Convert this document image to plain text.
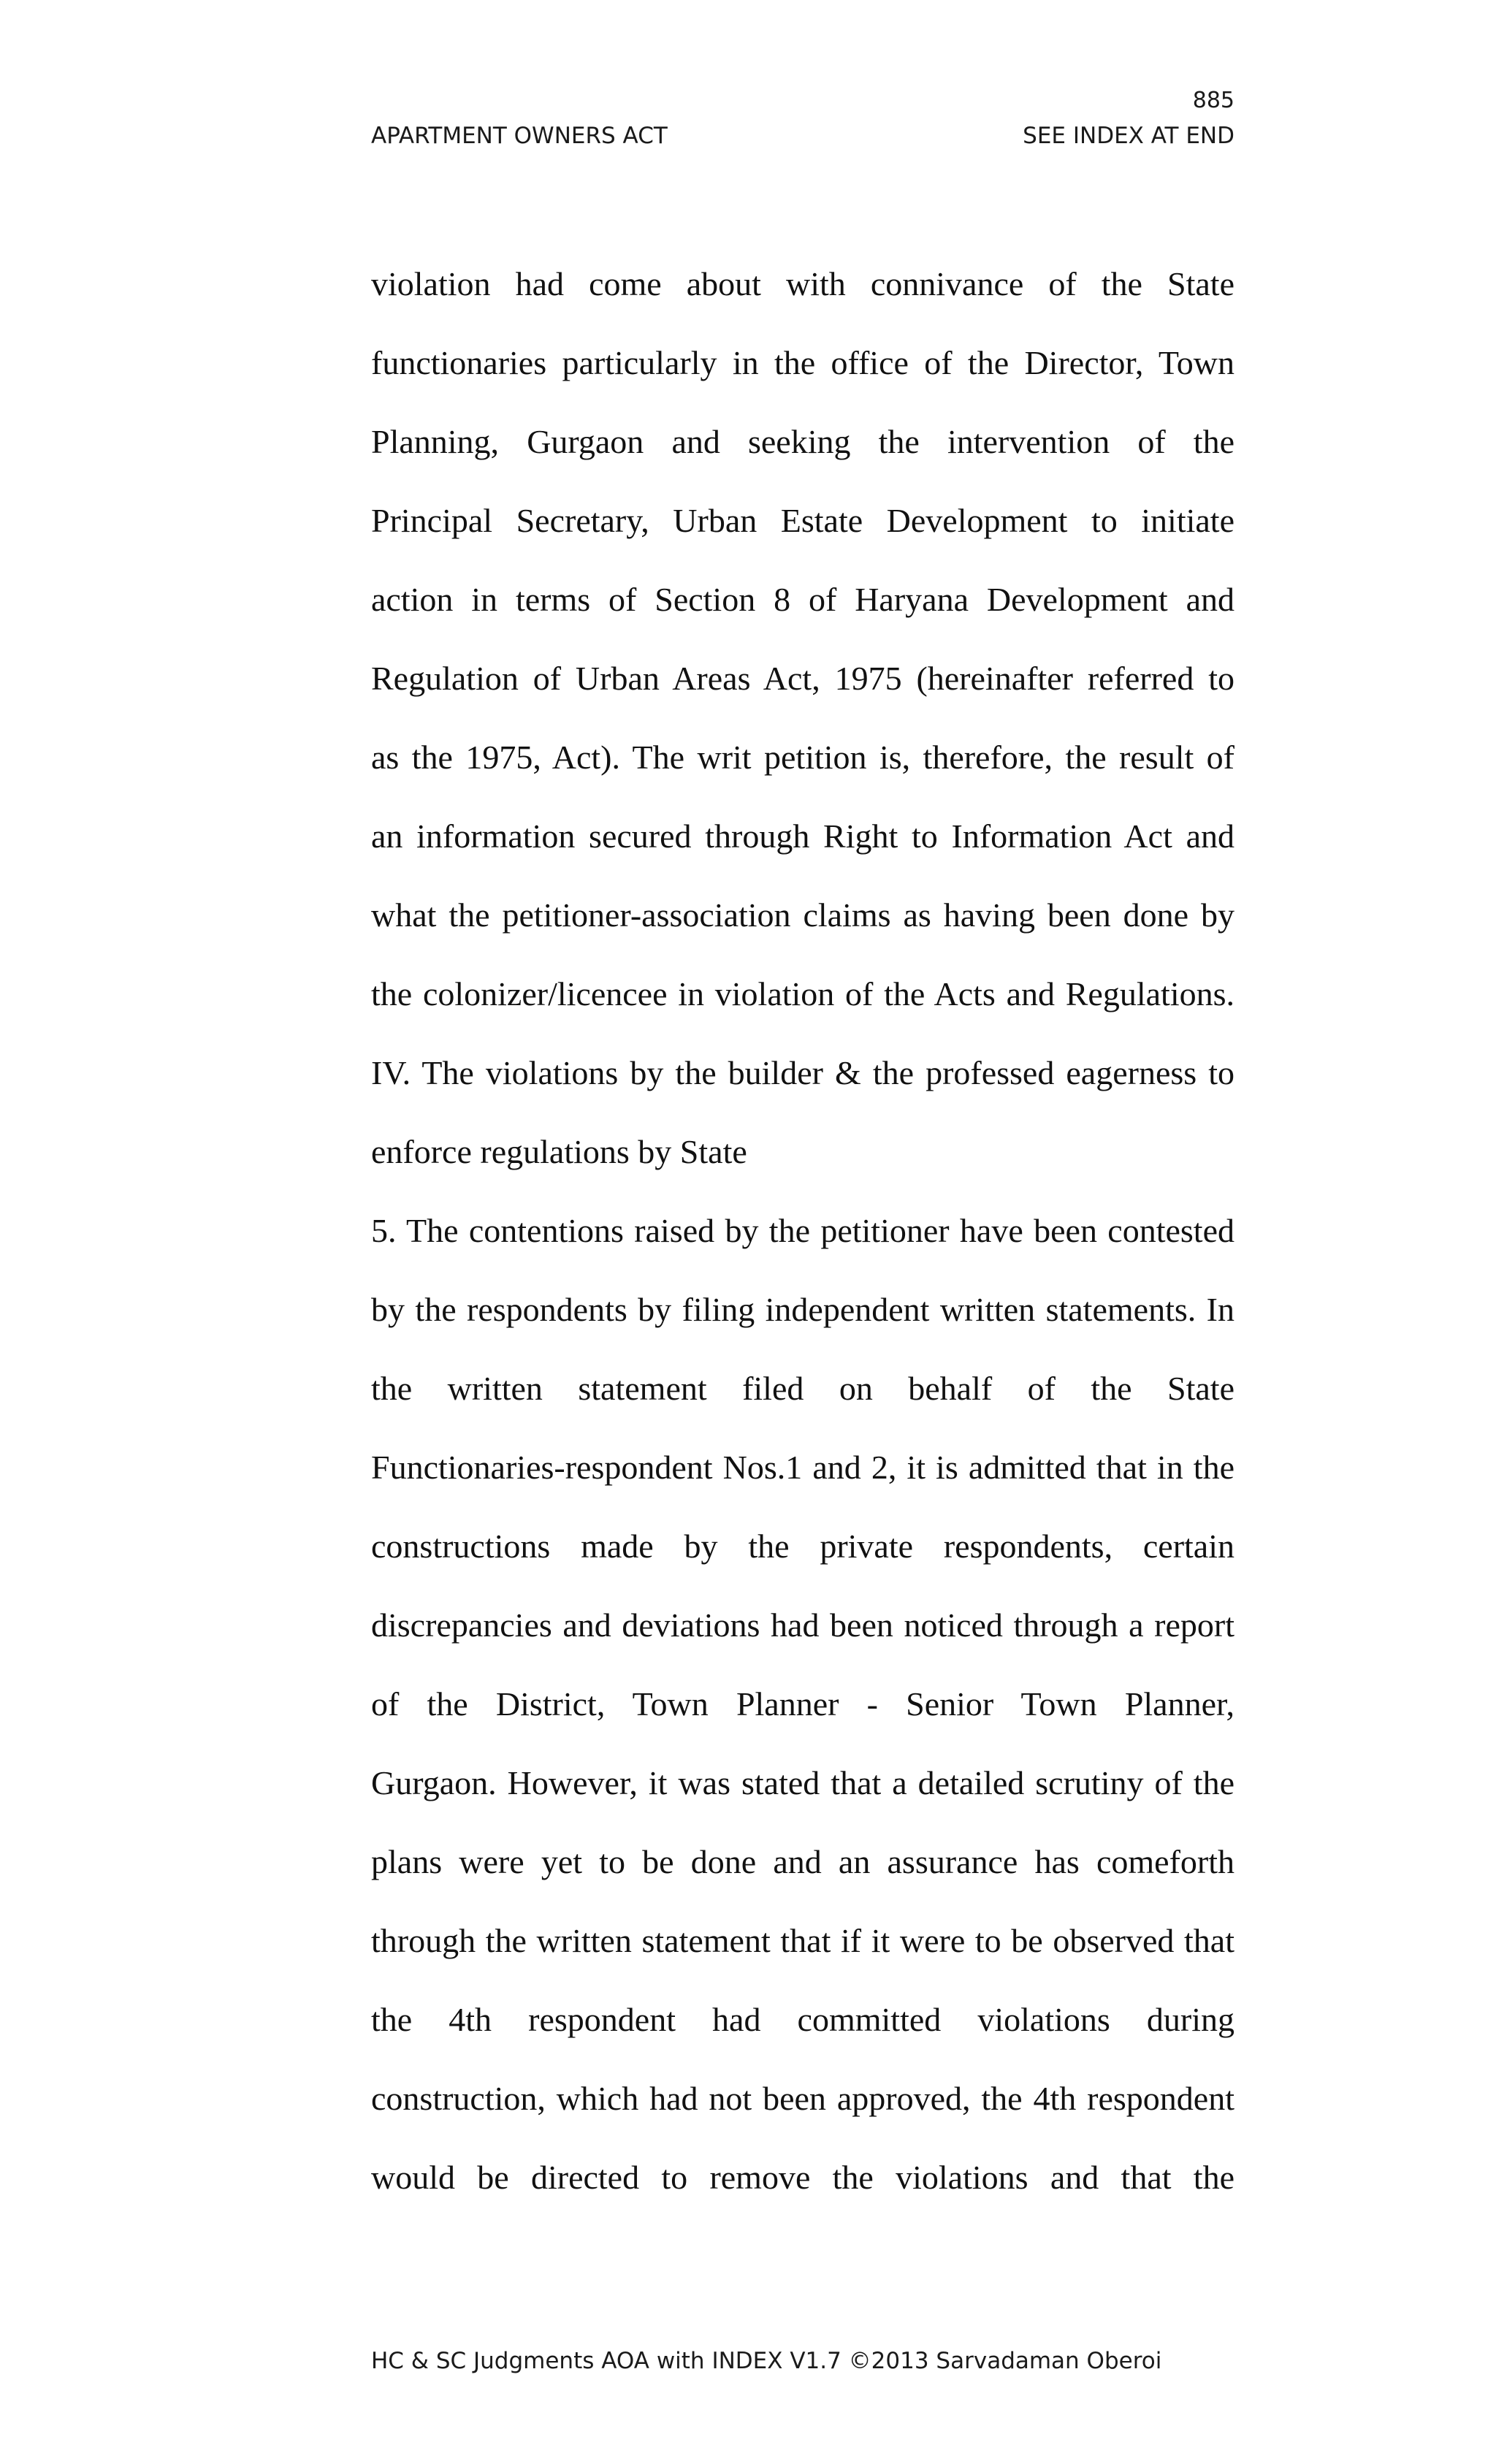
885
APARTMENT OWNERS ACT	SEE INDEX AT END
violation had come about with connivance of the State
functionaries particularly in the office of the Director, Town
Planning, Gurgaon and seeking the intervention of the
Principal Secretary, Urban Estate Development to initiate
action in terms of Section 8 of Haryana Development and
Regulation of Urban Areas Act, 1975 (hereinafter referred to
as the 1975, Act). The writ petition is, therefore, the result of
an information secured through Right to Information Act and
what the petitioner-association claims as having been done by
the colonizer/licencee in violation of the Acts and Regulations.
IV. The violations by the builder & the professed eagerness to
enforce regulations by State
5. The contentions raised by the petitioner have been contested
by the respondents by filing independent written statements. In
the written statement filed on behalf of the State
Functionaries-respondent Nos.1 and 2, it is admitted that in the
constructions made by the private respondents, certain
discrepancies and deviations had been noticed through a report
of the District, Town Planner - Senior Town Planner,
Gurgaon. However, it was stated that a detailed scrutiny of the
plans were yet to be done and an assurance has comeforth
through the written statement that if it were to be observed that
the 4th respondent had committed violations during
construction, which had not been approved, the 4th respondent
would be directed to remove the violations and that the
HC & SC Judgments AOA with INDEX V1.7 ©2013 Sarvadaman Oberoi
